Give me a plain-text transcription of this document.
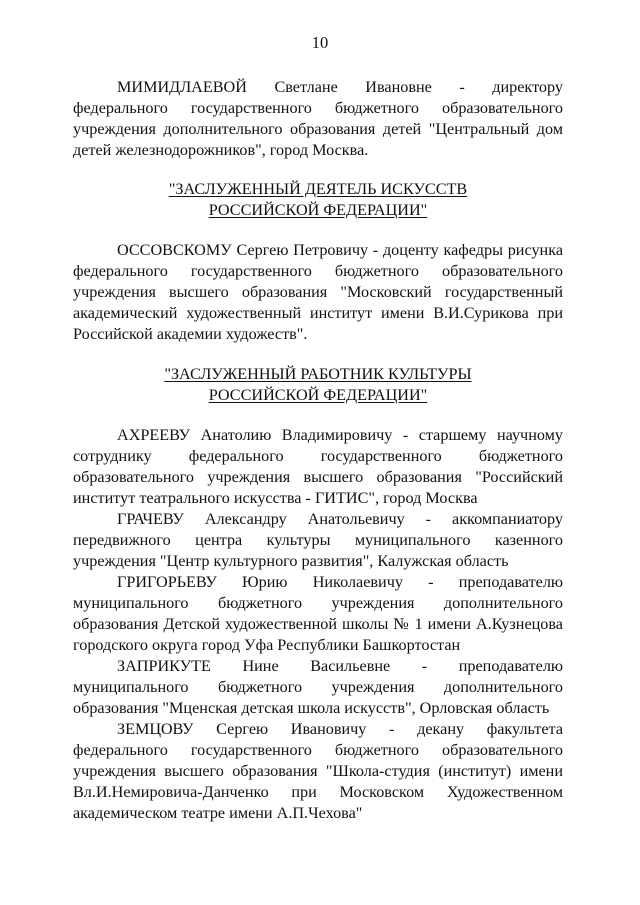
10

МИМИДЛАЕВОЙ Светлане Ивановне - директору федерального государственного бюджетного образовательного учреждения дополнительного образования детей "Центральный дом детей железнодорожников", город Москва.

"ЗАСЛУЖЕННЫЙ ДЕЯТЕЛЬ ИСКУССТВ
РОССИЙСКОЙ ФЕДЕРАЦИИ"

ОССОВСКОМУ Сергею Петровичу - доценту кафедры рисунка федерального государственного бюджетного образовательного учреждения высшего образования "Московский государственный академический художественный институт имени В.И.Сурикова при Российской академии художеств".

"ЗАСЛУЖЕННЫЙ РАБОТНИК КУЛЬТУРЫ
РОССИЙСКОЙ ФЕДЕРАЦИИ"

АХРЕЕВУ Анатолию Владимировичу - старшему научному сотруднику федерального государственного бюджетного образовательного учреждения высшего образования "Российский институт театрального искусства - ГИТИС", город Москва

ГРАЧЕВУ Александру Анатольевичу - аккомпаниатору передвижного центра культуры муниципального казенного учреждения "Центр культурного развития", Калужская область

ГРИГОРЬЕВУ Юрию Николаевичу - преподавателю муниципального бюджетного учреждения дополнительного образования Детской художественной школы № 1 имени А.Кузнецова городского округа город Уфа Республики Башкортостан

ЗАПРИКУТЕ Нине Васильевне - преподавателю муниципального бюджетного учреждения дополнительного образования "Мценская детская школа искусств", Орловская область

ЗЕМЦОВУ Сергею Ивановичу - декану факультета федерального государственного бюджетного образовательного учреждения высшего образования "Школа-студия (институт) имени Вл.И.Немировича-Данченко при Московском Художественном академическом театре имени А.П.Чехова"
